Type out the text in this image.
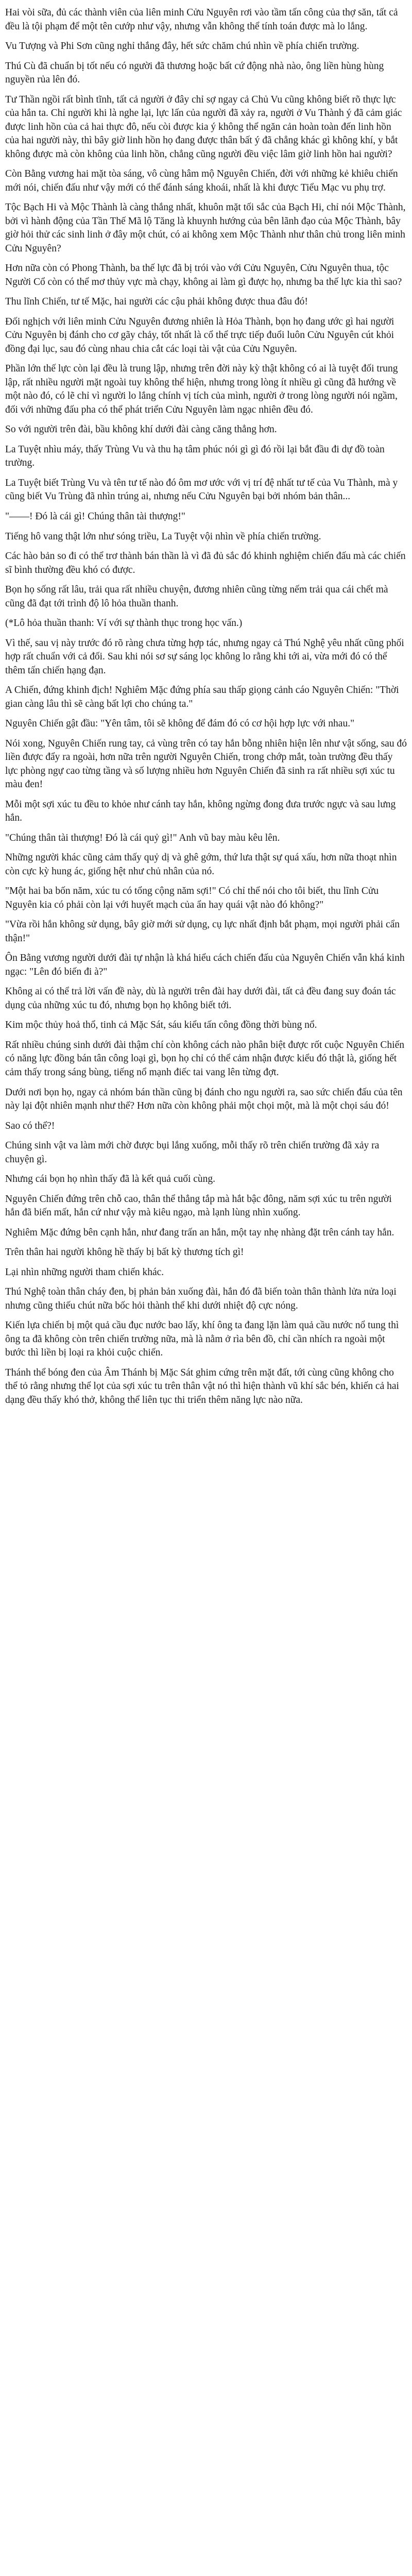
Hai vòi sữa, đủ các thành viên của liên minh Cửu Nguyên rơi vào tầm tấn công của thợ săn, tất cả đều là tội phạm để một tên cướp như vậy, nhưng vẫn không thể tính toán được mà lo lắng.

Vu Tượng và Phi Sơn cũng nghỉ thắng đây, hết sức chăm chú nhìn về phía chiến trường.

Thú Cù đã chuẩn bị tốt nếu có người đã thương hoặc bất cứ động nhà nào, ông liền hùng hùng nguyền rủa lên đó.

Tư Thần ngồi rất bình tĩnh, tất cả người ở đây chỉ sợ ngay cả Chủ Vu cũng không biết rõ thực lực của hắn ta. Chỉ người khi là nghe lại, lực lấn của người đã xảy ra, người ở Vu Thành ý đã cảm giác được linh hồn của cả hai thực đô, nếu còi được kia ý không thể ngăn cản hoàn toàn đến linh hồn của hai người này, thì bây giờ linh hồn họ đang được thân bất ý đã chẳng khác gì không khí, y bắt không được mà còn không của linh hồn, chẳng cũng người đều việc lâm giờ linh hồn hai người?

Còn Bằng vương hai mặt tòa sáng, vô cùng hâm mộ Nguyên Chiến, đời với những kẻ khiêu chiến mới nói, chiến đấu như vậy mới có thể đánh sáng khoái, nhất là khi được Tiểu Mạc vu phụ trợ.

Tộc Bạch Hi và Mộc Thành là càng thắng nhất, khuôn mặt tối sắc của Bạch Hi, chỉ nói Mộc Thành, bởi vì hành động của Tần Thế Mã lộ Tăng là khuynh hướng của bên lãnh đạo của Mộc Thành, bây giờ hỏi thử các sinh linh ở đây một chút, có ai không xem Mộc Thành như thân chủ trong liên minh Cửu Nguyên?

Hơn nữa còn có Phong Thành, ba thế lực đã bị trói vào với Cửu Nguyên, Cửu Nguyên thua, tộc Người Cổ còn có thể mơ thủy vực mà chạy, không ai làm gì được họ, nhưng ba thế lực kia thì sao?

Thu lĩnh Chiến, tư tế Mặc, hai người các cậu phải không được thua đâu đó!

Đối nghịch với liên minh Cửu Nguyên đương nhiên là Hỏa Thành, bọn họ đang ước gì hai người Cửu Nguyên bị đánh cho cơ gãy chảy, tốt nhất là cổ thể trực tiếp đuổi luôn Cửu Nguyên cút khỏi đồng đại lục, sau đó cùng nhau chia cắt các loại tài vật của Cửu Nguyên.

Phần lớn thế lực còn lại đều là trung lập, nhưng trên đời này kỳ thật không có ai là tuyệt đối trung lập, rất nhiều người mặt ngoài tuy không thể hiện, nhưng trong lòng ít nhiều gì cũng đã hướng về một nào đó, có lẽ chỉ vì người lo lắng chính vị tích của mình, người ở trong lòng người nói ngầm, đối với những đấu pha có thể phát triển Cửu Nguyên làm ngạc nhiên đều đó.

So với người trên đài, bầu không khí dưới đài càng căng thẳng hơn.

La Tuyệt nhìu máy, thấy Trùng Vu và thu hạ tâm phúc nói gì gì đó rồi lại bắt đầu đi dự đồ toàn trường.

La Tuyệt biết Trùng Vu và tên tư tế nào đó ôm mơ ước với vị trí đệ nhất tư tế của Vu Thành, mà y cũng biết Vu Trùng đã nhìn trúng ai, nhưng nếu Cửu Nguyên bại bởi nhóm bản thân...

"——! Đó là cái gì! Chúng thân tài thượng!"

Tiếng hô vang thật lớn như sóng triều, La Tuyệt vội nhìn về phía chiến trường.

Các hào bản so đi có thể trơ thành bán thần là vì đã đủ sắc đó khinh nghiệm chiến đấu mà các chiến sĩ bình thường đều khó có được.

Bọn họ sống rất lâu, trải qua rất nhiều chuyện, đương nhiên cũng từng nếm trải qua cái chết mà cũng đã đạt tới trình độ lô hỏa thuần thanh.

(*Lô hỏa thuần thanh: Ví với sự thành thục trong học vấn.)

Vì thế, sau vị này trước đó rõ ràng chưa từng hợp tác, nhưng ngay cả Thú Nghệ yêu nhất cũng phối hợp rất chuẩn với cả đối. Sau khi nói sơ sự sáng lọc không lo rằng khi tới ai, vừa mới đó có thể thêm tấn chiến hạng đạn.

A Chiến, đứng khinh địch! Nghiêm Mặc đứng phía sau thấp giọng cảnh cáo Nguyên Chiến: "Thời gian càng lâu thì sẽ càng bất lợi cho chúng ta."

Nguyên Chiến gật đầu: "Yên tâm, tôi sẽ không để đám đó có cơ hội hợp lực với nhau."

Nói xong, Nguyên Chiến rung tay, cả vùng trên có tay hắn bỗng nhiên hiện lên như vật sống, sau đó liền được đẩy ra ngoài, hơn nữa trên người Nguyên Chiến, trong chớp mắt, toàn trường đều thấy lực phòng ngự cao từng tầng và số lượng nhiều hơn Nguyên Chiến đã sinh ra rất nhiều sợi xúc tu màu đen!

Mỗi một sợi xúc tu đều to khỏe như cánh tay hắn, không ngừng đong đưa trước ngực và sau lưng hắn.

"Chúng thân tài thượng! Đó là cái quỷ gì!" Anh vũ bay màu kêu lên.

Những người khác cũng cảm thấy quỷ dị và ghê gớm, thứ lưa thật sự quá xấu, hơn nữa thoạt nhìn còn cực kỳ hung ác, giống hệt như chủ nhân của nó.

"Một hai ba bốn năm, xúc tu có tổng cộng năm sợi!" Có chỉ thể nói cho tôi biết, thu lĩnh Cửu Nguyên kia có phải còn lại với huyết mạch của ẩn hay quái vật nào đó không?"

"Vừa rồi hắn không sử dụng, bây giờ mới sử dụng, cụ lực nhất định bắt phạm, mọi người phải cẩn thận!"

Ôn Bằng vương người dưới đài tự nhận là khá hiểu cách chiến đấu của Nguyên Chiến vẫn khá kinh ngạc: "Lên đó biến đi à?"

Không ai có thể trả lời vấn đề này, dù là người trên đài hay dưới đài, tất cả đều đang suy đoán tác dụng của những xúc tu đó, nhưng bọn họ không biết tới.

Kim mộc thủy hoả thổ, tinh cả Mặc Sát, sáu kiểu tấn công đồng thời bùng nổ.

Rất nhiều chúng sinh dưới đài thậm chí còn không cách nào phân biệt được rốt cuộc Nguyên Chiến có năng lực đồng bán tân công loại gì, bọn họ chỉ có thể cảm nhận được kiểu đó thật là, giống hết cảm thấy trong sáng bùng, tiếng nổ mạnh điếc tai vang lên từng đợt.

Dưới nơi bọn họ, ngay cả nhóm bán thần cũng bị đánh cho ngu người ra, sao sức chiến đấu của tên này lại đột nhiên mạnh như thế? Hơn nữa còn không phải một chọi một, mà là một chọi sáu đó!

Sao có thể?!

Chúng sinh vật va làm mới chờ được bụi lắng xuống, mỗi thấy rõ trên chiến trường đã xảy ra chuyện gì.

Nhưng cái bọn họ nhìn thấy đã là kết quả cuối cùng.

Nguyên Chiến đứng trên chỗ cao, thân thể thẳng tắp mà hắt bậc đông, năm sợi xúc tu trên người hắn đã biến mất, hắn cứ như vậy mà kiêu ngạo, mà lạnh lùng nhìn xuống.

Nghiêm Mặc đứng bên cạnh hắn, như đang trấn an hắn, một tay nhẹ nhàng đặt trên cánh tay hắn.

Trên thân hai người không hề thấy bị bất kỳ thương tích gì!

Lại nhìn những người tham chiến khác.

Thú Nghệ toàn thân cháy đen, bị phản bản xuống đài, hắn đó đã biến toàn thân thành lửa nửa loại nhưng cũng thiếu chút nữa bốc hỏi thành thể khi dưới nhiệt độ cực nóng.

Kiến lựa chiến bị một quả cầu đục nước bao lấy, khí ông ta đang lặn làm quả cầu nước nổ tung thì ông ta đã không còn trên chiến trường nữa, mà là nằm ở rìa bên đồ, chỉ cần nhích ra ngoài một bước thì liền bị loại ra khỏi cuộc chiến.

Thánh thể bóng đen của Âm Thánh bị Mặc Sát ghim cứng trên mặt đất, tới cùng cũng không cho thể tỏ rằng nhưng thể lọt của sợi xúc tu trên thân vật nó thì hiện thành vũ khí sắc bén, khiến cả hai dạng đều thấy khó thở, không thể liên tục thi triển thêm năng lực nào nữa.
